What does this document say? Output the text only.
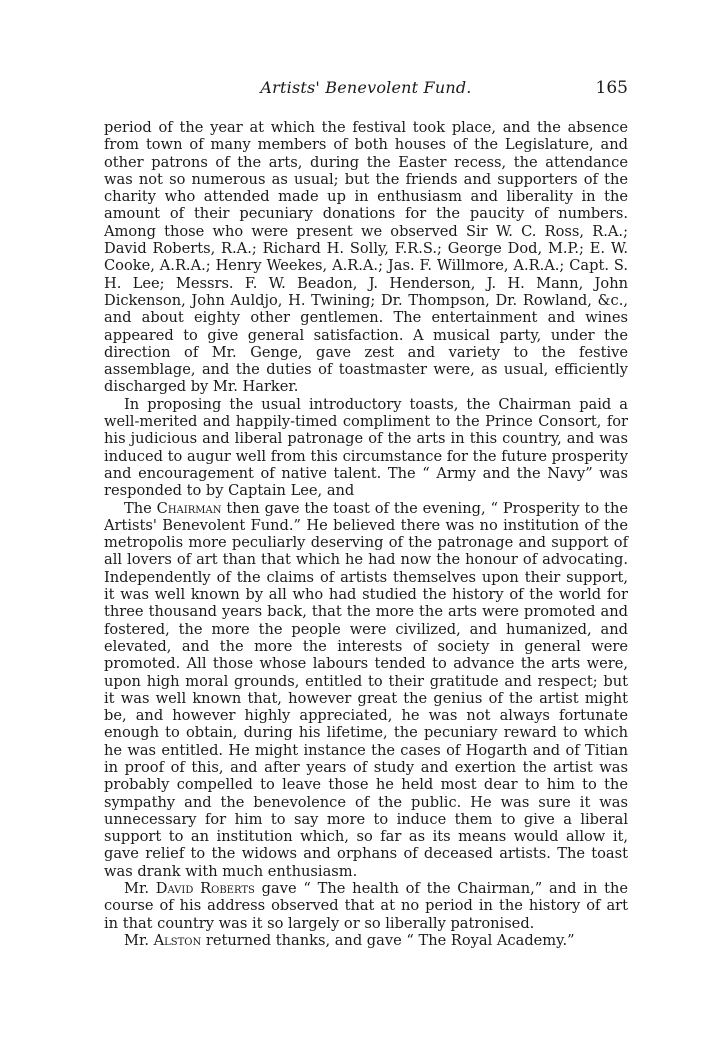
Artists' Benevolent Fund.	165

period of the year at which the festival took place, and the absence from town of many members of both houses of the Legislature, and other patrons of the arts, during the Easter recess, the attendance was not so numerous as usual; but the friends and supporters of the charity who attended made up in enthusiasm and liberality in the amount of their pecuniary donations for the paucity of numbers. Among those who were present we observed Sir W. C. Ross, R.A.; David Roberts, R.A.; Richard H. Solly, F.R.S.; George Dod, M.P.; E. W. Cooke, A.R.A.; Henry Weekes, A.R.A.; Jas. F. Willmore, A.R.A.; Capt. S. H. Lee; Messrs. F. W. Beadon, J. Henderson, J. H. Mann, John Dickenson, John Auldjo, H. Twining; Dr. Thompson, Dr. Rowland, &c., and about eighty other gentlemen. The entertainment and wines appeared to give general satisfaction. A musical party, under the direction of Mr. Genge, gave zest and variety to the festive assemblage, and the duties of toastmaster were, as usual, efficiently discharged by Mr. Harker.

In proposing the usual introductory toasts, the Chairman paid a well-merited and happily-timed compliment to the Prince Consort, for his judicious and liberal patronage of the arts in this country, and was induced to augur well from this circumstance for the future prosperity and encouragement of native talent. The “ Army and the Navy” was responded to by Captain Lee, and

The Chairman then gave the toast of the evening, “ Prosperity to the Artists' Benevolent Fund.” He believed there was no institution of the metropolis more peculiarly deserving of the patronage and support of all lovers of art than that which he had now the honour of advocating. Independently of the claims of artists themselves upon their support, it was well known by all who had studied the history of the world for three thousand years back, that the more the arts were promoted and fostered, the more the people were civilized, and humanized, and elevated, and the more the interests of society in general were promoted. All those whose labours tended to advance the arts were, upon high moral grounds, entitled to their gratitude and respect; but it was well known that, however great the genius of the artist might be, and however highly appreciated, he was not always fortunate enough to obtain, during his lifetime, the pecuniary reward to which he was entitled. He might instance the cases of Hogarth and of Titian in proof of this, and after years of study and exertion the artist was probably compelled to leave those he held most dear to him to the sympathy and the benevolence of the public. He was sure it was unnecessary for him to say more to induce them to give a liberal support to an institution which, so far as its means would allow it, gave relief to the widows and orphans of deceased artists. The toast was drank with much enthusiasm.

Mr. David Roberts gave “ The health of the Chairman,” and in the course of his address observed that at no period in the history of art in that country was it so largely or so liberally patronised.

Mr. Alston returned thanks, and gave “ The Royal Academy.”
